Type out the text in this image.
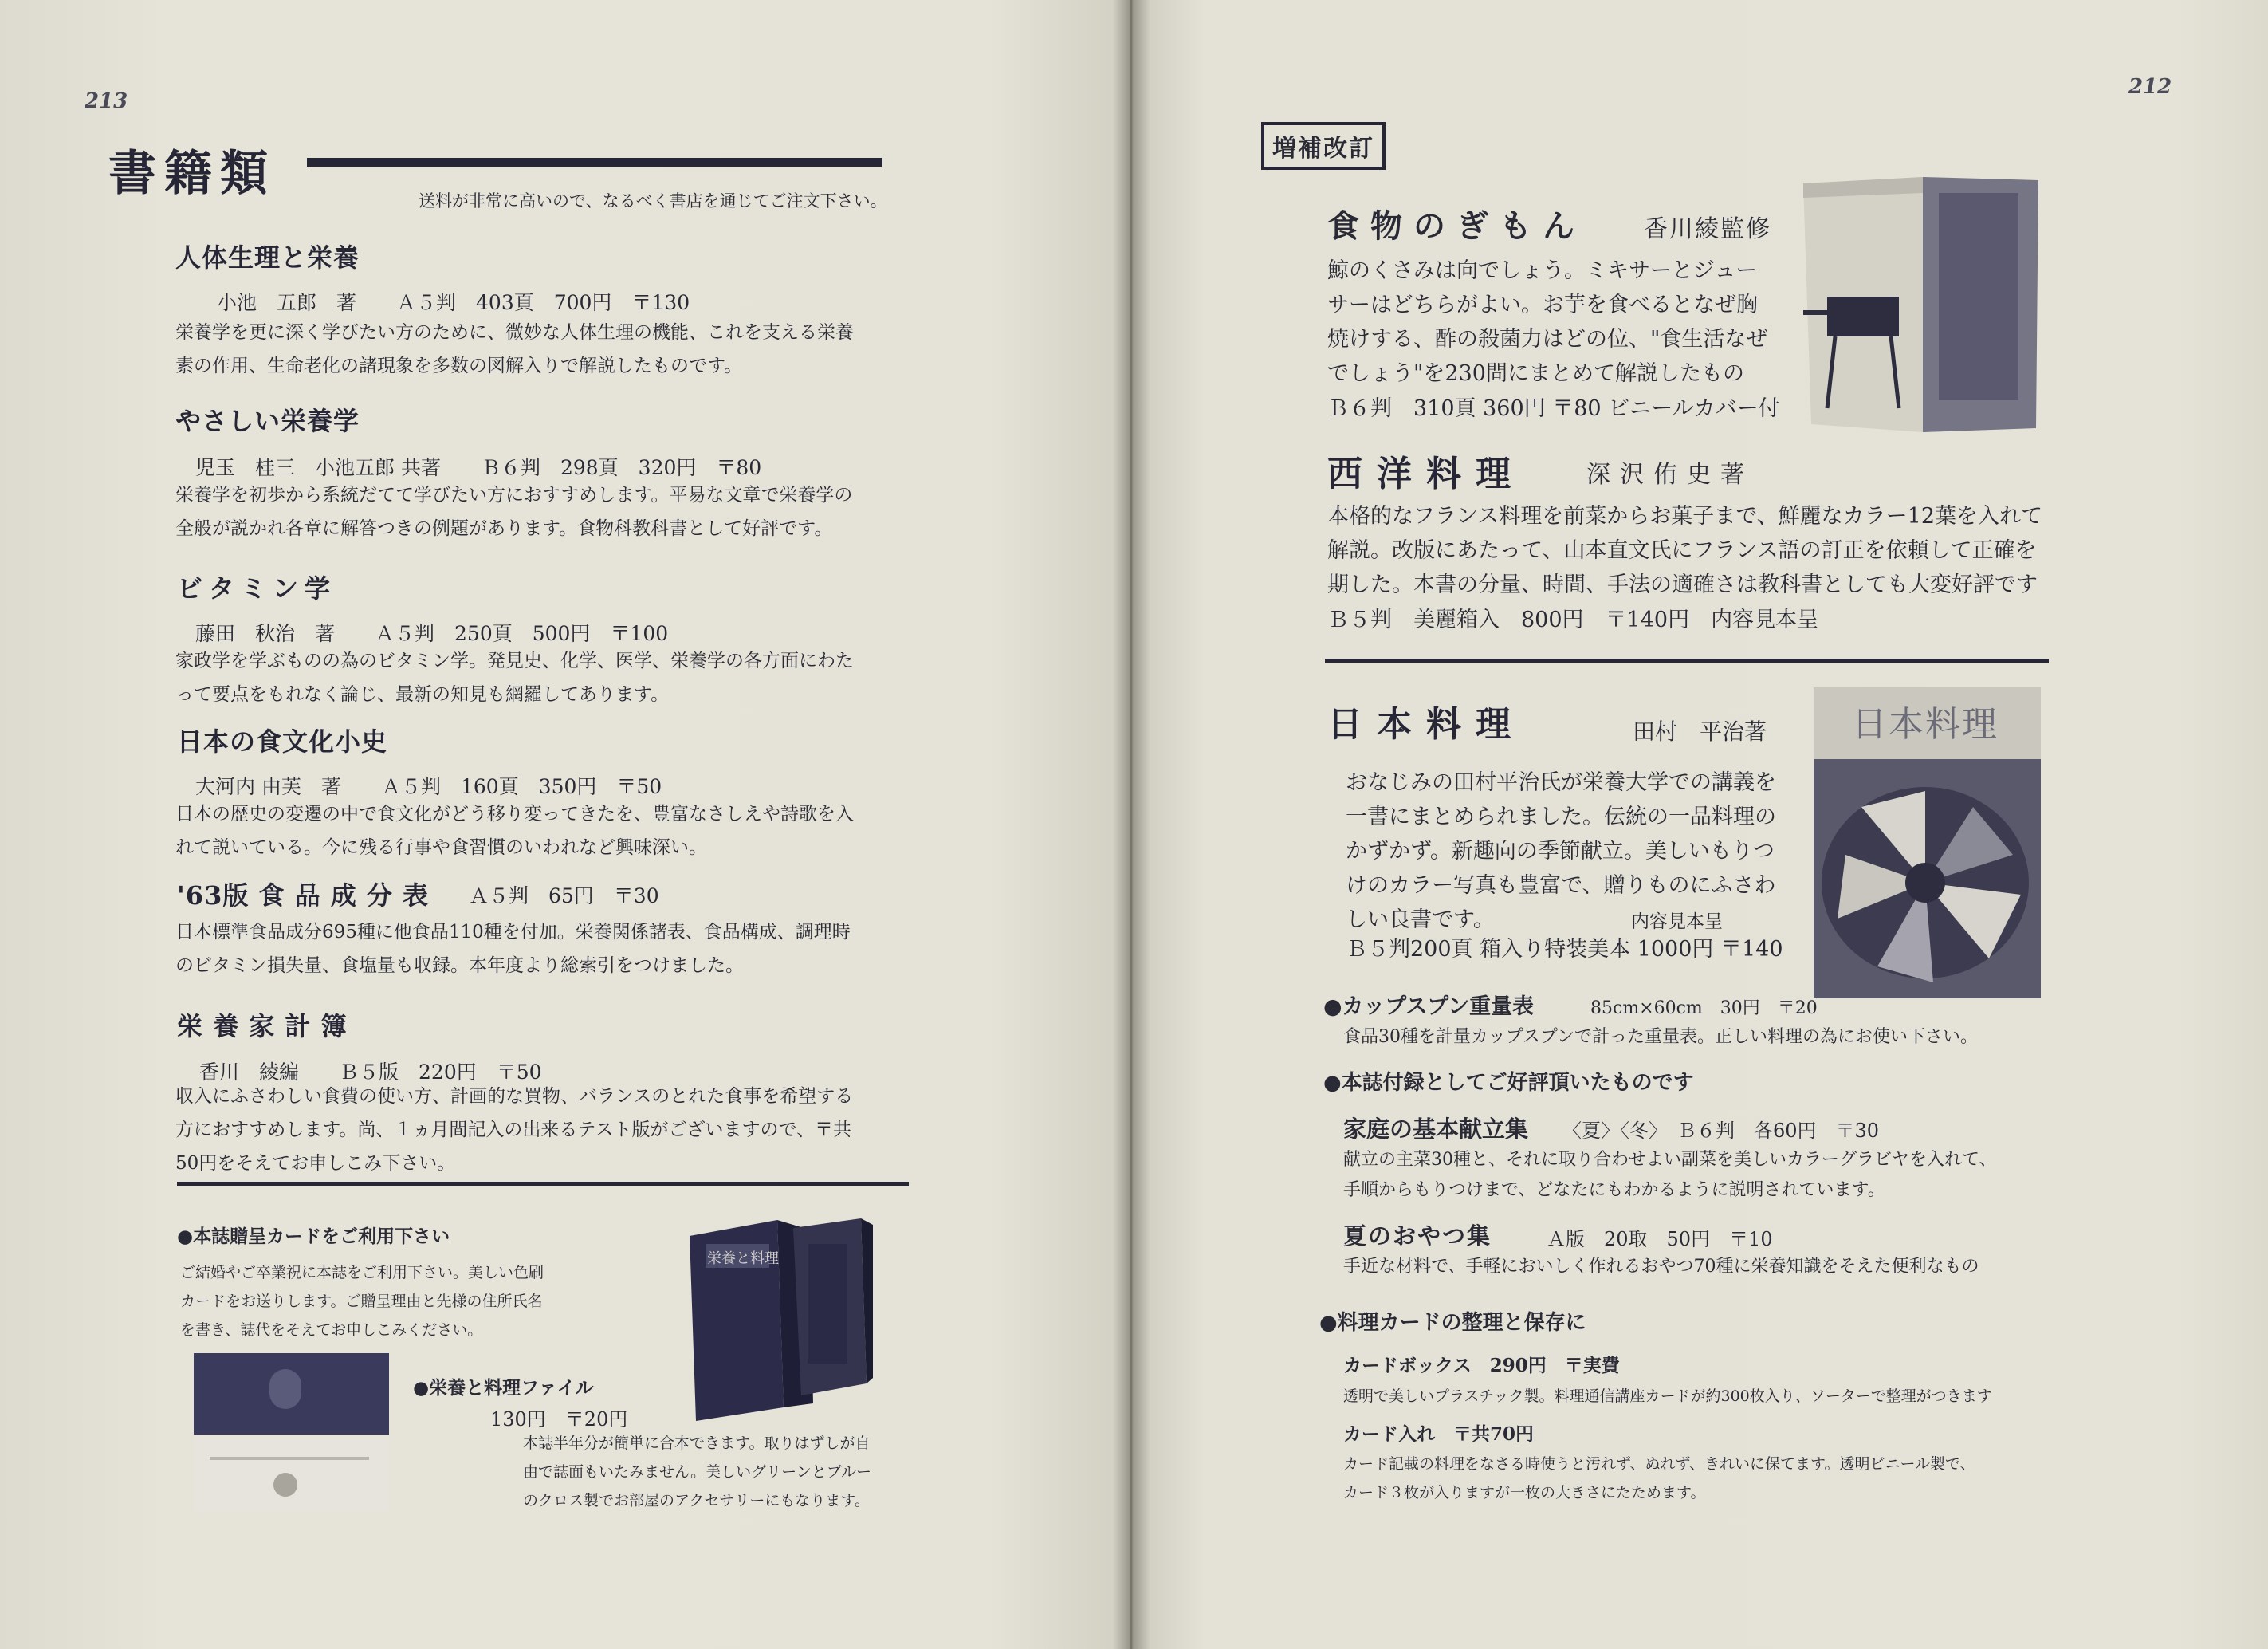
213
書籍類	送料が非常に高いので、なるべく書店を通じてご注文下さい。
人体生理と栄養
小池　五郎　著　　Ａ５判　403頁　700円　〒130
栄養学を更に深く学びたい方のために、微妙な人体生理の機能、これを支える栄養
素の作用、生命老化の諸現象を多数の図解入りで解説したものです。
やさしい栄養学
児玉　桂三　小池五郎 共著　　Ｂ６判　298頁　320円　〒80
栄養学を初歩から系統だてて学びたい方におすすめします。平易な文章で栄養学の
全般が説かれ各章に解答つきの例題があります。食物科教科書として好評です。
ビタミン学
藤田　秋治　著　　Ａ５判　250頁　500円　〒100
家政学を学ぶものの為のビタミン学。発見史、化学、医学、栄養学の各方面にわた
って要点をもれなく論じ、最新の知見も網羅してあります。
日本の食文化小史
大河内 由芙　著　　Ａ５判　160頁　350円　〒50
日本の歴史の変遷の中で食文化がどう移り変ってきたを、豊富なさしえや詩歌を入
れて説いている。今に残る行事や食習慣のいわれなど興味深い。
'63版 食 品 成 分 表 Ａ５判　65円　〒30
日本標準食品成分695種に他食品110種を付加。栄養関係諸表、食品構成、調理時
のビタミン損失量、食塩量も収録。本年度より総索引をつけました。
栄 養 家 計 簿
香川　綾編　　Ｂ５版　220円　〒50
収入にふさわしい食費の使い方、計画的な買物、バランスのとれた食事を希望する
方におすすめします。尚、１ヵ月間記入の出来るテスト版がございますので、〒共
50円をそえてお申しこみ下さい。
●本誌贈呈カードをご利用下さい
ご結婚やご卒業祝に本誌をご利用下さい。美しい色刷
カードをお送りします。ご贈呈理由と先様の住所氏名
を書き、誌代をそえてお申しこみください。
栄養と料理
●栄養と料理ファイル
130円　〒20円
本誌半年分が簡単に合本できます。取りはずしが自
由で誌面もいたみません。美しいグリーンとブルー
のクロス製でお部屋のアクセサリーにもなります。
212
増補改訂
食物のぎもん 香川綾監修
鯨のくさみは向でしょう。ミキサーとジュー
サーはどちらがよい。お芋を食べるとなぜ胸
焼けする、酢の殺菌力はどの位、"食生活なぜ
でしょう"を230問にまとめて解説したもの
Ｂ６判　310頁 360円 〒80 ビニールカバー付
西洋料理	深沢侑史著
本格的なフランス料理を前菜からお菓子まで、鮮麗なカラー12葉を入れて
解説。改版にあたって、山本直文氏にフランス語の訂正を依頼して正確を
期した。本書の分量、時間、手法の適確さは教科書としても大変好評です
Ｂ５判　美麗箱入　800円　〒140円　内容見本呈
日本料理	田村　平治著
おなじみの田村平治氏が栄養大学での講義を
一書にまとめられました。伝統の一品料理の
かずかず。新趣向の季節献立。美しいもりつ
けのカラー写真も豊富で、贈りものにふさわ
しい良書です。	内容見本呈
Ｂ５判200頁 箱入り特装美本 1000円 〒140
日本料理
●カップスプン重量表	85cm×60cm　30円　〒20
食品30種を計量カップスプンで計った重量表。正しい料理の為にお使い下さい。
●本誌付録としてご好評頂いたものです
家庭の基本献立集 〈夏〉〈冬〉　Ｂ６判　各60円　〒30
献立の主菜30種と、それに取り合わせよい副菜を美しいカラーグラビヤを入れて、
手順からもりつけまで、どなたにもわかるように説明されています。
夏のおやつ集	Ａ版　20取　50円　〒10
手近な材料で、手軽においしく作れるおやつ70種に栄養知識をそえた便利なもの
●料理カードの整理と保存に
カードボックス　290円　〒実費
透明で美しいプラスチック製。料理通信講座カードが約300枚入り、ソーターで整理がつきます
カード入れ　〒共70円
カード記載の料理をなさる時使うと汚れず、ぬれず、きれいに保てます。透明ビニール製で、
カード３枚が入りますが一枚の大きさにたためます。
